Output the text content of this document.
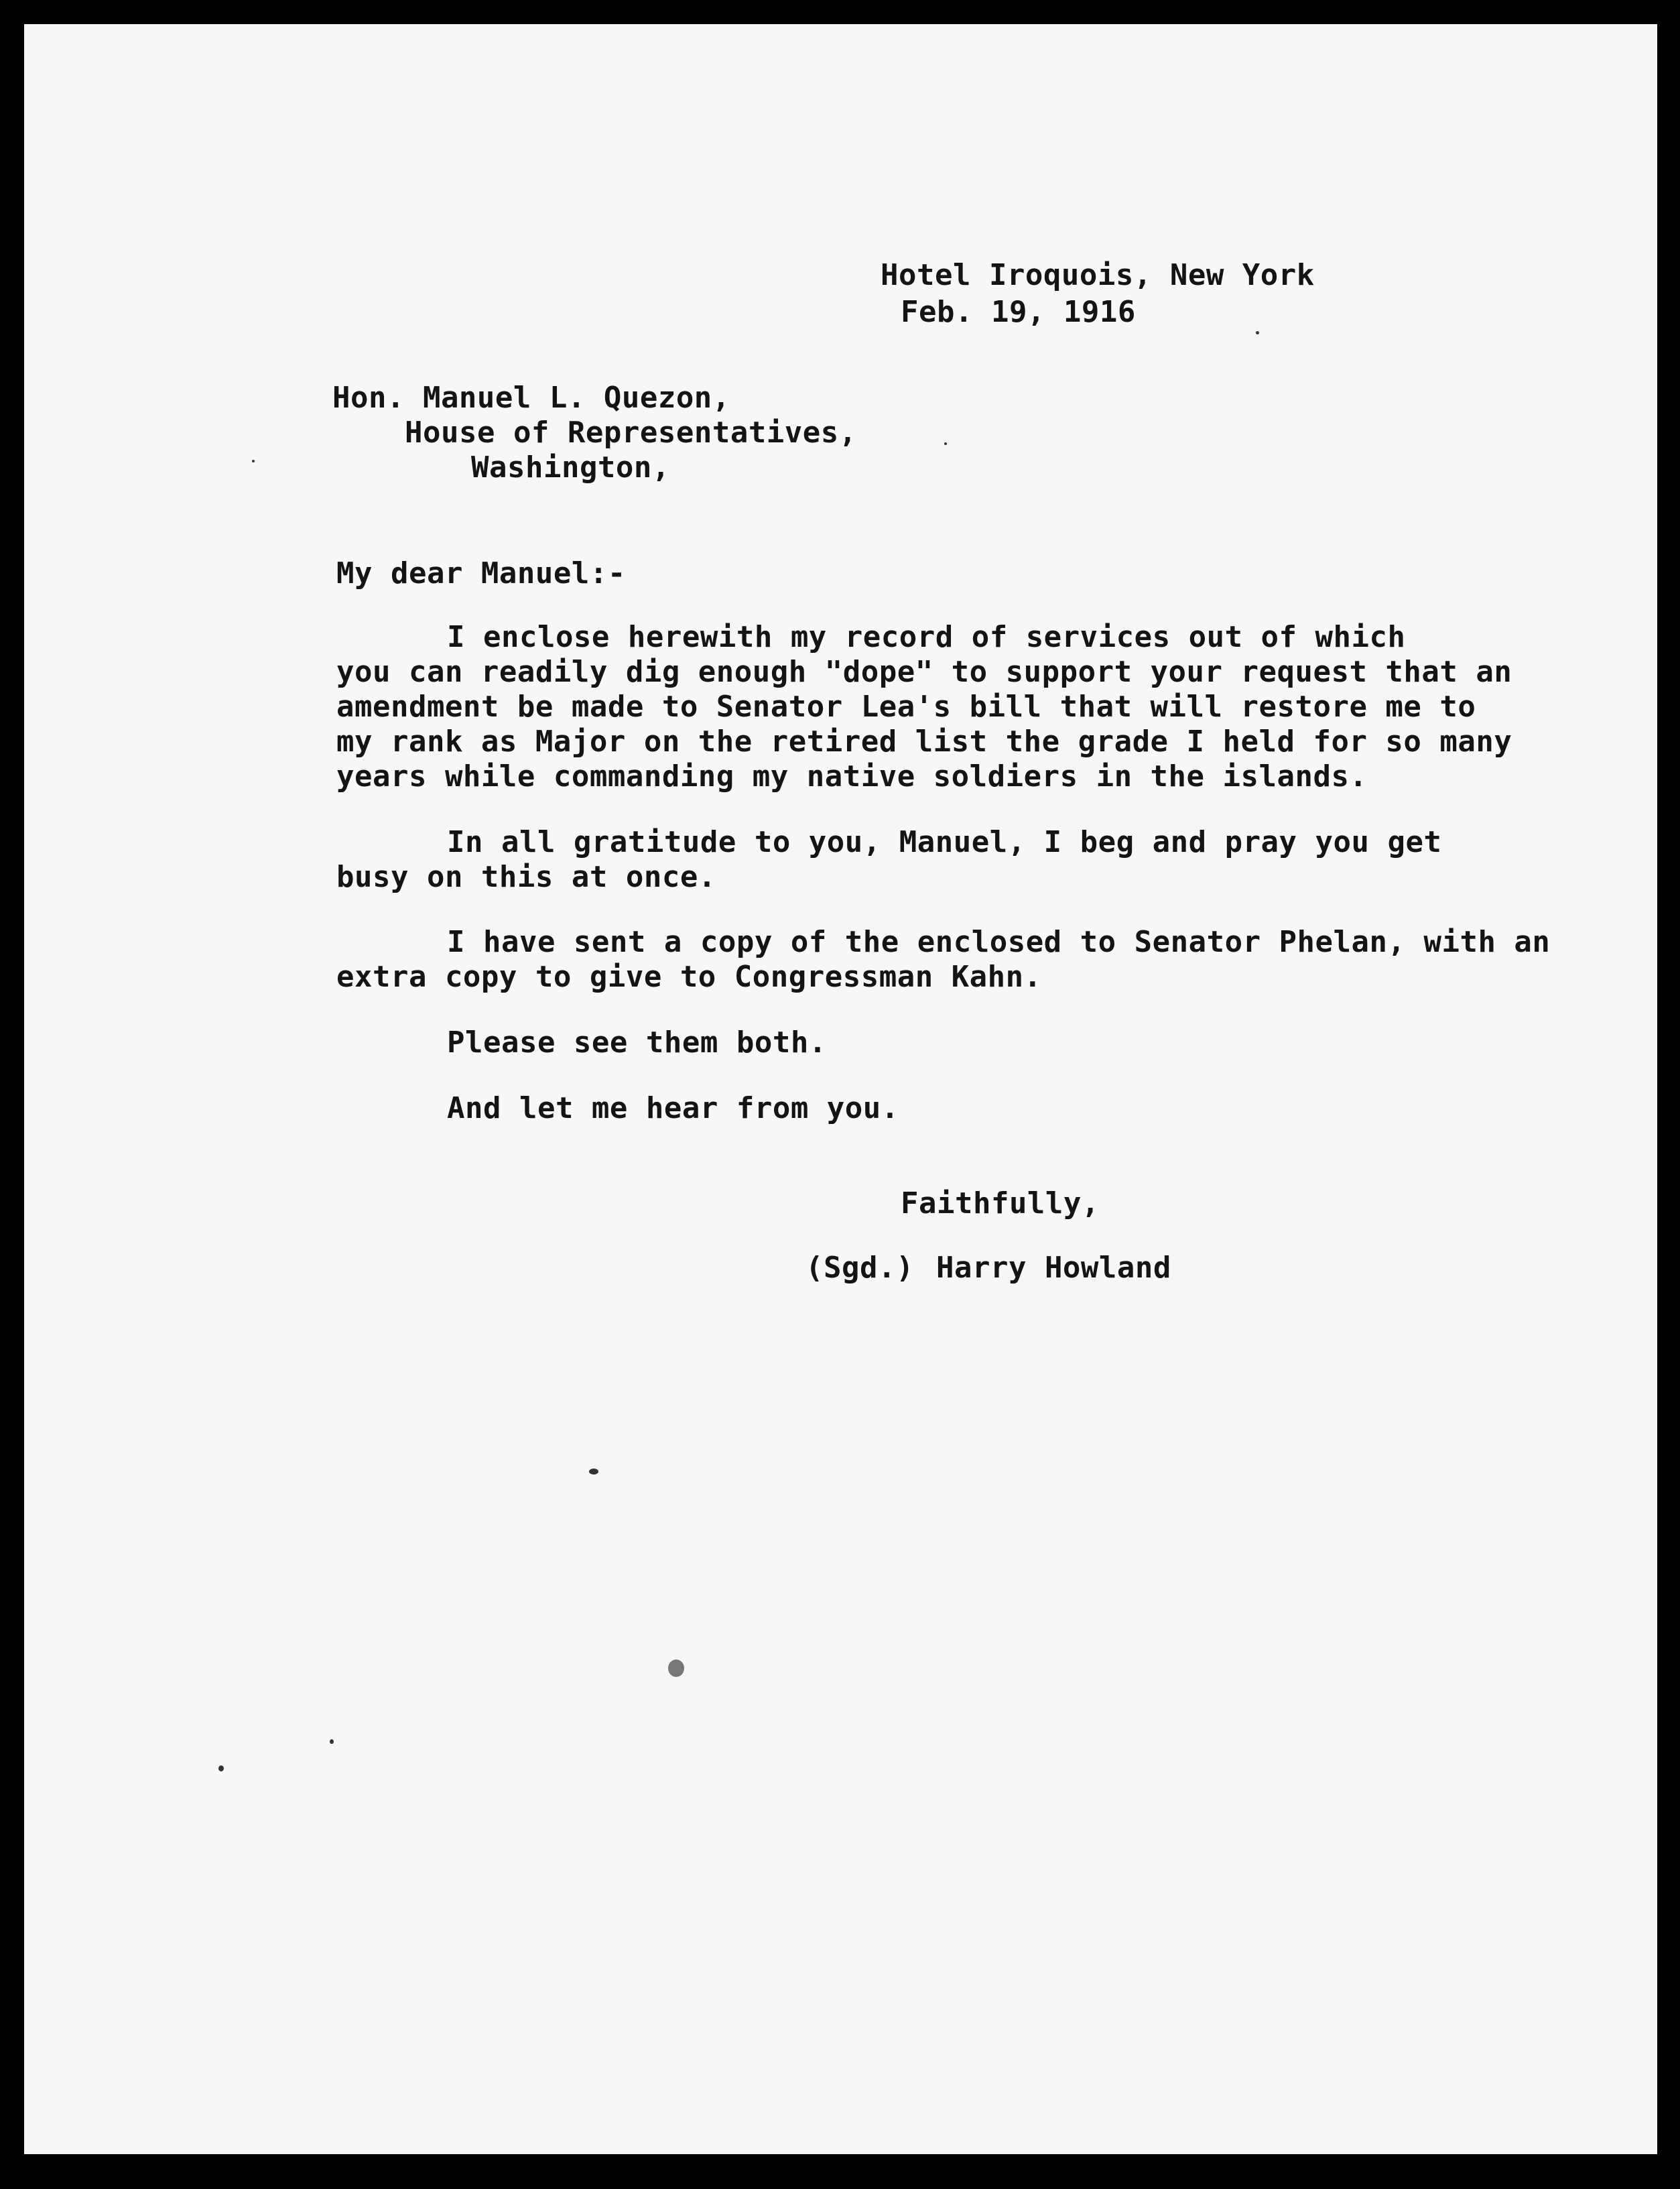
Hotel Iroquois, New York
Feb. 19, 1916
Hon. Manuel L. Quezon,
House of Representatives,
Washington,
My dear Manuel:-
I enclose herewith my record of services out of which
you can readily dig enough "dope" to support your request that an
amendment be made to Senator Lea's bill that will restore me to
my rank as Major on the retired list the grade I held for so many
years while commanding my native soldiers in the islands.
In all gratitude to you, Manuel, I beg and pray you get
busy on this at once.
I have sent a copy of the enclosed to Senator Phelan, with an
extra copy to give to Congressman Kahn.
Please see them both.
And let me hear from you.
Faithfully,
(Sgd.) Harry Howland
